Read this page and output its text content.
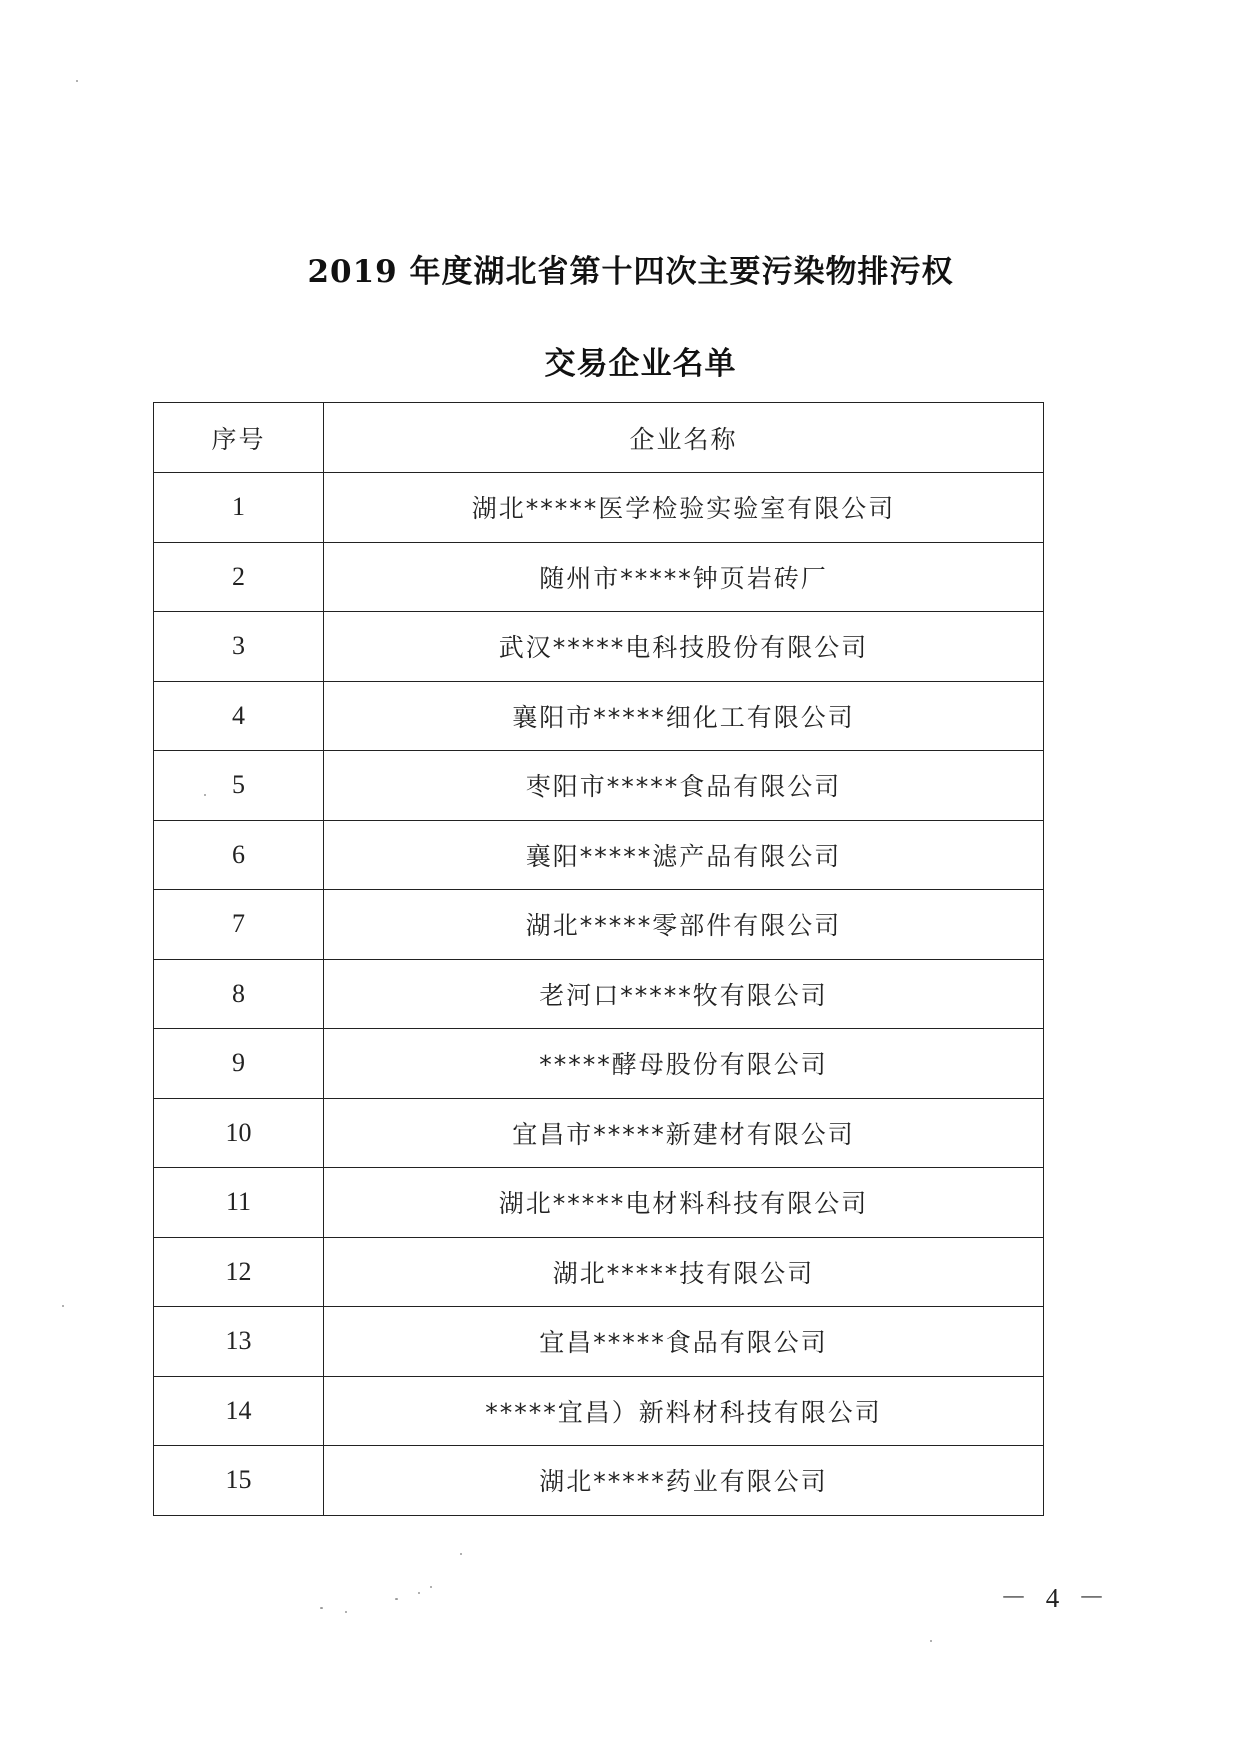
2019 年度湖北省第十四次主要污染物排污权
交易企业名单
序号	企业名称
1	湖北*****医学检验实验室有限公司
2	随州市*****钟页岩砖厂
3	武汉*****电科技股份有限公司
4	襄阳市*****细化工有限公司
5	枣阳市*****食品有限公司
6	襄阳*****滤产品有限公司
7	湖北*****零部件有限公司
8	老河口*****牧有限公司
9	*****酵母股份有限公司
10	宜昌市*****新建材有限公司
11	湖北*****电材料科技有限公司
12	湖北*****技有限公司
13	宜昌*****食品有限公司
14	*****宜昌）新料材科技有限公司
15	湖北*****药业有限公司
－ 4 －
